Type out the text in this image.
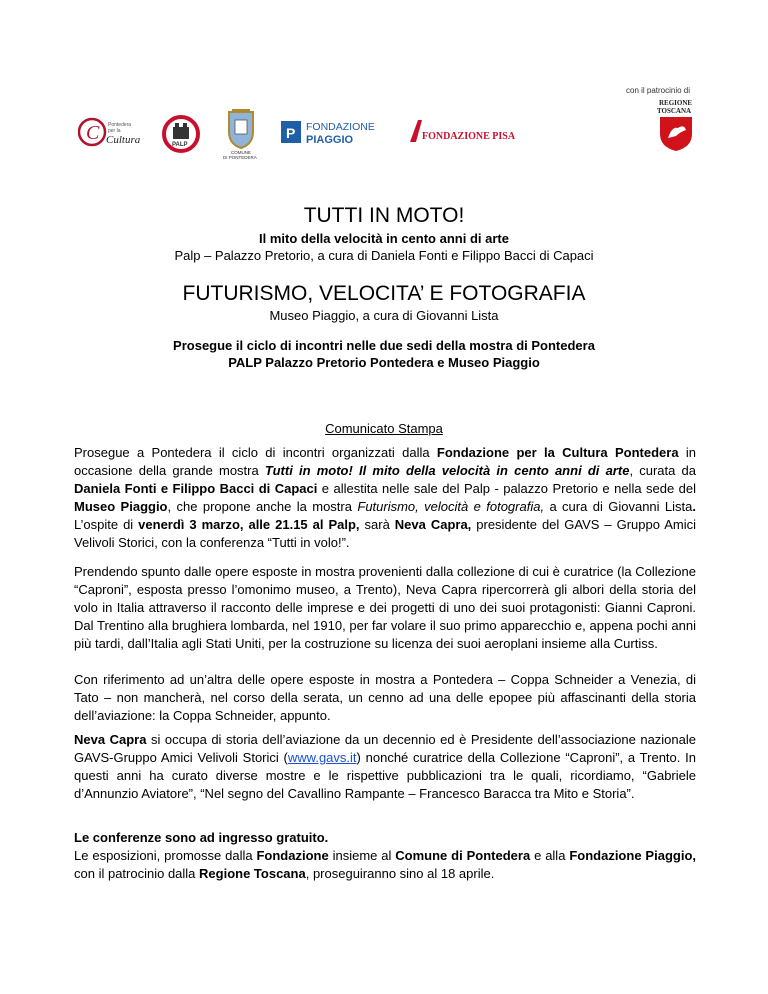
con il patrocinio di
C Pontedera
per la
Cultura	PALP
COMUNE
DI PONTEDERA
P FONDAZIONE
PIAGGIO	FONDAZIONE PISA
REGIONE
TOSCANA
TUTTI IN MOTO!
Il mito della velocità in cento anni di arte
Palp – Palazzo Pretorio, a cura di Daniela Fonti e Filippo Bacci di Capaci
FUTURISMO, VELOCITA’ E FOTOGRAFIA
Museo Piaggio, a cura di Giovanni Lista
Prosegue il ciclo di incontri nelle due sedi della mostra di Pontedera
PALP Palazzo Pretorio Pontedera e Museo Piaggio
Comunicato Stampa
Prosegue a Pontedera il ciclo di incontri organizzati dalla Fondazione per la Cultura Pontedera in occasione della grande mostra Tutti in moto! Il mito della velocità in cento anni di arte, curata da Daniela Fonti e Filippo Bacci di Capaci e allestita nelle sale del Palp - palazzo Pretorio e nella sede del Museo Piaggio, che propone anche la mostra Futurismo, velocità e fotografia, a cura di Giovanni Lista. L’ospite di venerdì 3 marzo, alle 21.15 al Palp, sarà Neva Capra, presidente del GAVS – Gruppo Amici Velivoli Storici, con la conferenza “Tutti in volo!”.
Prendendo spunto dalle opere esposte in mostra provenienti dalla collezione di cui è curatrice (la Collezione “Caproni”, esposta presso l’omonimo museo, a Trento), Neva Capra ripercorrerà gli albori della storia del volo in Italia attraverso il racconto delle imprese e dei progetti di uno dei suoi protagonisti: Gianni Caproni. Dal Trentino alla brughiera lombarda, nel 1910, per far volare il suo primo apparecchio e, appena pochi anni più tardi, dall’Italia agli Stati Uniti, per la costruzione su licenza dei suoi aeroplani insieme alla Curtiss.
Con riferimento ad un’altra delle opere esposte in mostra a Pontedera – Coppa Schneider a Venezia, di Tato – non mancherà, nel corso della serata, un cenno ad una delle epopee più affascinanti della storia dell’aviazione: la Coppa Schneider, appunto.
Neva Capra si occupa di storia dell’aviazione da un decennio ed è Presidente dell’associazione nazionale GAVS-Gruppo Amici Velivoli Storici (www.gavs.it) nonché curatrice della Collezione “Caproni”, a Trento. In questi anni ha curato diverse mostre e le rispettive pubblicazioni tra le quali, ricordiamo, “Gabriele d’Annunzio Aviatore”, “Nel segno del Cavallino Rampante – Francesco Baracca tra Mito e Storia”.
Le conferenze sono ad ingresso gratuito.
Le esposizioni, promosse dalla Fondazione insieme al Comune di Pontedera e alla Fondazione Piaggio, con il patrocinio dalla Regione Toscana, proseguiranno sino al 18 aprile.
